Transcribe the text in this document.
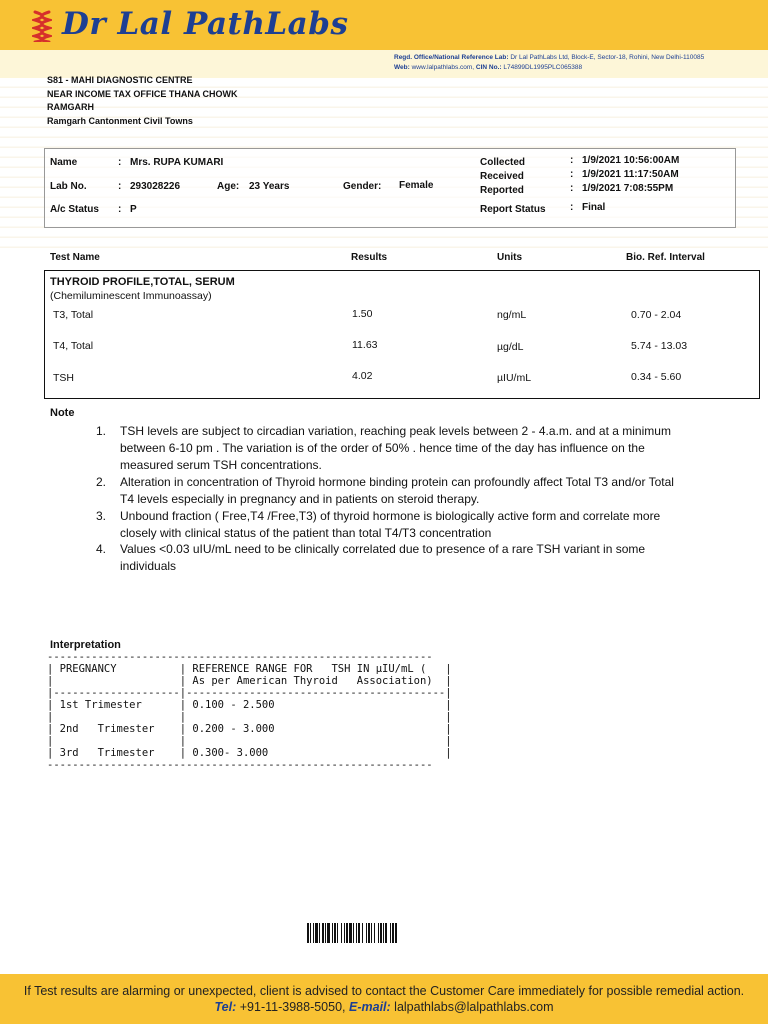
Dr Lal PathLabs
Regd. Office/National Reference Lab: Dr Lal PathLabs Ltd, Block-E, Sector-18, Rohini, New Delhi-110085
Web: www.lalpathlabs.com, CIN No.: L74899DL1995PLC065388
S81 - MAHI DIAGNOSTIC CENTRE
NEAR INCOME TAX OFFICE THANA CHOWK
RAMGARH
Ramgarh Cantonment Civil Towns
Name	: Mrs. RUPA KUMARI
Lab No.	: 293028226	Age: 23 Years	Gender: Female
A/c Status : P
Collected	: 1/9/2021 10:56:00AM
Received	: 1/9/2021 11:17:50AM
Reported	: 1/9/2021 7:08:55PM
Report Status : Final
Test Name	Results	Units	Bio. Ref. Interval
THYROID PROFILE,TOTAL, SERUM
(Chemiluminescent Immunoassay)
T3, Total	1.50	ng/mL	0.70 - 2.04
T4, Total	11.63	µg/dL	5.74 - 13.03
TSH	4.02	µIU/mL	0.34 - 5.60
Note
1. TSH levels are subject to circadian variation, reaching peak levels between 2 - 4.a.m. and at a minimum between 6-10 pm . The variation is of the order of 50% . hence time of the day has influence on the measured serum TSH concentrations.
2. Alteration in concentration of Thyroid hormone binding protein can profoundly affect Total T3 and/or Total T4 levels especially in pregnancy and in patients on steroid therapy.
3. Unbound fraction ( Free,T4 /Free,T3) of thyroid hormone is biologically active form and correlate more closely with clinical status of the patient than total T4/T3 concentration
4. Values <0.03 uIU/mL need to be clinically correlated due to presence of a rare TSH variant in some individuals
Interpretation
-------------------------------------------------------------
| PREGNANCY          | REFERENCE RANGE FOR   TSH IN µIU/mL (   |
|                    | As per American Thyroid   Association)  |
|--------------------|-----------------------------------------|
| 1st Trimester      | 0.100 - 2.500                           |
|                    |                                         |
| 2nd   Trimester    | 0.200 - 3.000                           |
|                    |                                         |
| 3rd   Trimester    | 0.300- 3.000                            |
-------------------------------------------------------------
If Test results are alarming or unexpected, client is advised to contact the Customer Care immediately for possible remedial action.
Tel: +91-11-3988-5050, E-mail: lalpathlabs@lalpathlabs.com
